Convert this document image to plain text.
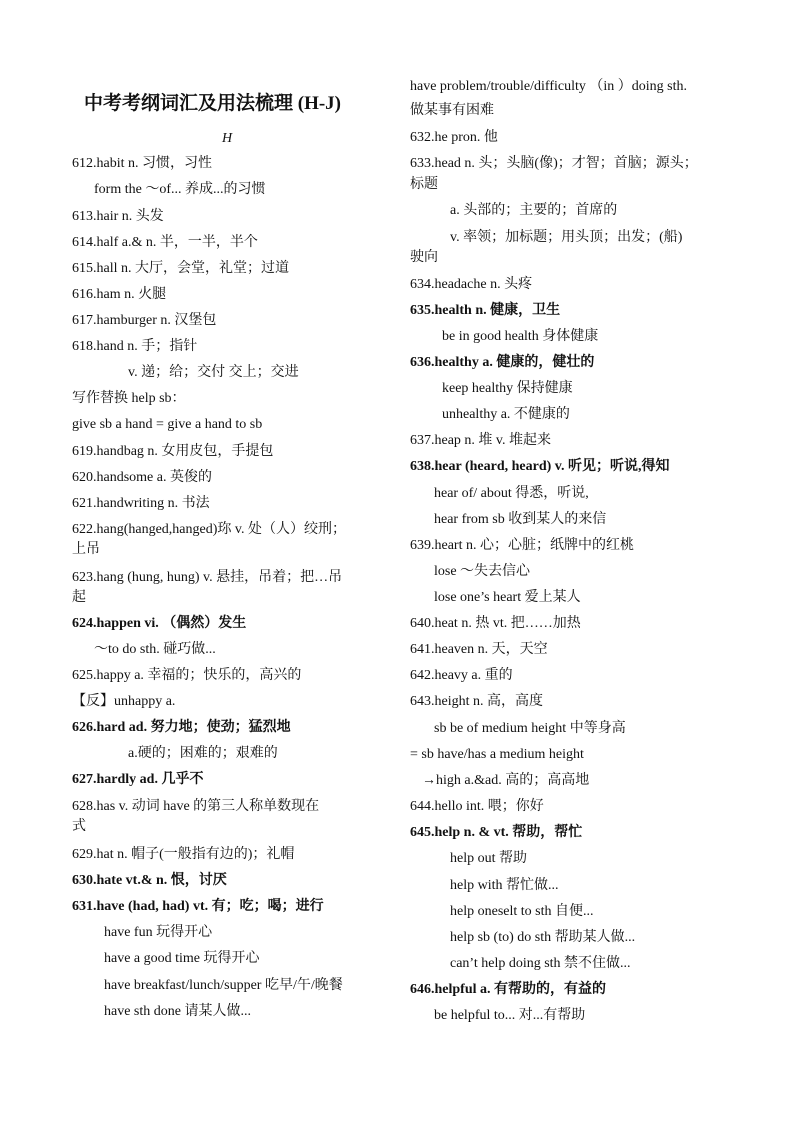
中考考纲词汇及用法梳理 (H-J)
H
612.habit n. 习惯，习性
form the ～of... 养成...的习惯
613.hair n. 头发
614.half a.& n. 半，一半，半个
615.hall n. 大厅，会堂，礼堂；过道
616.ham n. 火腿
617.hamburger n. 汉堡包
618.hand n. 手；指针
v. 递；给；交付 交上；交进
写作替换 help sb：
give sb a hand = give a hand to sb
619.handbag n. 女用皮包，手提包
620.handsome a. 英俊的
621.handwriting n. 书法
622.hang(hanged,hanged)珎 v. 处（人）绞刑；
上吊
623.hang (hung, hung) v. 悬挂，吊着；把…吊
起
624.happen vi. （偶然）发生
～to do sth. 碰巧做...
625.happy a. 幸福的；快乐的，高兴的
【反】unhappy a.
626.hard ad. 努力地；使劲；猛烈地
a.硬的；困难的；艰难的
627.hardly ad. 几乎不
628.has v. 动词 have 的第三人称单数现在
式
629.hat n. 帽子(一般指有边的)；礼帽
630.hate vt.& n. 恨，讨厌
631.have (had, had) vt. 有；吃；喝；进行
have fun 玩得开心
have a good time 玩得开心
have breakfast/lunch/supper 吃早/午/晚餐
have sth done 请某人做...
have problem/trouble/difficulty （in ）doing sth.
做某事有困难
632.he pron. 他
633.head n. 头；头脑(像)；才智；首脑；源头；
标题
a. 头部的；主要的；首席的
v. 率领；加标题；用头顶；出发；(船)
驶向
634.headache n. 头疼
635.health n. 健康，卫生
be in good health 身体健康
636.healthy a. 健康的，健壮的
keep healthy 保持健康
unhealthy a. 不健康的
637.heap n. 堆 v. 堆起来
638.hear (heard, heard) v. 听见；听说,得知
hear of/ about 得悉，听说,
hear from sb 收到某人的来信
639.heart n. 心；心脏；纸牌中的红桃
lose ～失去信心
lose one’s heart 爱上某人
640.heat n. 热 vt. 把……加热
641.heaven n. 天，天空
642.heavy a. 重的
643.height n. 高，高度
sb be of medium height 中等身高
= sb have/has a medium height
→high a.&ad. 高的；高高地
644.hello int. 喂；你好
645.help n. & vt. 帮助，帮忙
help out 帮助
help with 帮忙做...
help oneselt to sth 自便...
help sb (to) do sth 帮助某人做...
can’t help doing sth 禁不住做...
646.helpful a. 有帮助的，有益的
be helpful to... 对...有帮助
